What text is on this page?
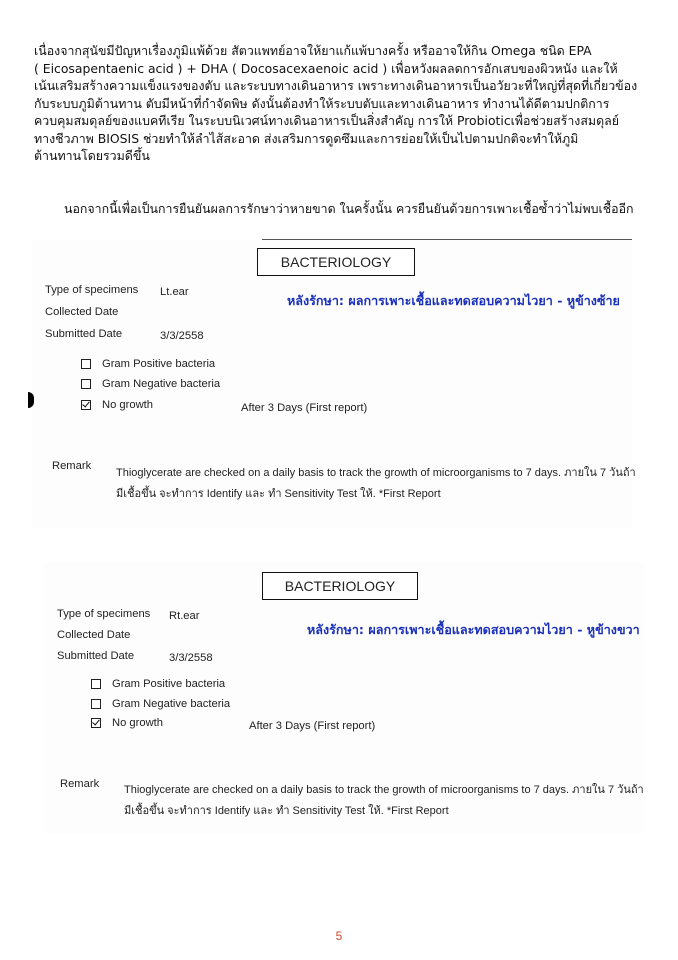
เนื่องจากสุนัขมีปัญหาเรื่องภูมิแพ้ด้วย สัตวแพทย์อาจให้ยาแก้แพ้บางครั้ง หรืออาจให้กิน Omega ชนิด EPA
( Eicosapentaenic acid ) + DHA ( Docosacexaenoic acid ) เพื่อหวังผลลดการอักเสบของผิวหนัง และให้
เน้นเสริมสร้างความแข็งแรงของตับ และระบบทางเดินอาหาร เพราะทางเดินอาหารเป็นอวัยวะที่ใหญ่ที่สุดที่เกี่ยวข้อง
กับระบบภูมิต้านทาน ตับมีหน้าที่กำจัดพิษ ดังนั้นต้องทำให้ระบบตับและทางเดินอาหาร ทำงานได้ดีตามปกติการ
ควบคุมสมดุลย์ของแบคทีเรีย ในระบบนิเวศน์ทางเดินอาหารเป็นสิ่งสำคัญ การให้ Probioticเพื่อช่วยสร้างสมดุลย์
ทางชีวภาพ BIOSIS ช่วยทำให้ลำไส้สะอาด ส่งเสริมการดูดซึมและการย่อยให้เป็นไปตามปกติจะทำให้ภูมิ
ต้านทานโดยรวมดีขึ้น
นอกจากนี้เพื่อเป็นการยืนยันผลการรักษาว่าหายขาด ในครั้งนั้น ควรยืนยันด้วยการเพาะเชื้อซ้ำว่าไม่พบเชื้ออีก
BACTERIOLOGY
Type of specimens Lt.ear
Collected Date
Submitted Date	3/3/2558
หลังรักษา: ผลการเพาะเชื้อและทดสอบความไวยา - หูข้างซ้าย
Gram Positive bacteria
Gram Negative bacteria
No growth	After 3 Days (First report)
Remark
Thioglycerate are checked on a daily basis to track the growth of microorganisms to 7 days. ภายใน 7 วันถ้า
มีเชื้อขึ้น จะทำการ Identify และ ทำ Sensitivity Test ให้. *First Report
BACTERIOLOGY
Type of specimens Rt.ear
Collected Date
Submitted Date	3/3/2558
หลังรักษา: ผลการเพาะเชื้อและทดสอบความไวยา - หูข้างขวา
Gram Positive bacteria
Gram Negative bacteria
No growth	After 3 Days (First report)
Remark Thioglycerate are checked on a daily basis to track the growth of microorganisms to 7 days. ภายใน 7 วันถ้า
มีเชื้อขึ้น จะทำการ Identify และ ทำ Sensitivity Test ให้. *First Report
5
